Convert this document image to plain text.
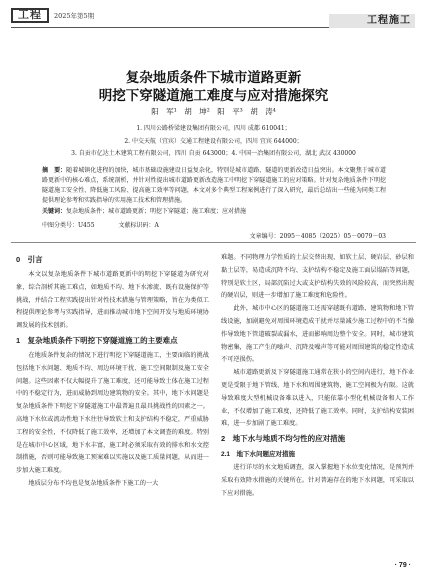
工程	2025年第5期	工程施工
复杂地质条件下城市道路更新
明挖下穿隧道施工难度与应对措施探究
阳　军¹　胡　坤²　阳　平³　胡　涛⁴
1. 四川公路桥梁建设集团有限公司，四川 成都 610041；
2. 中交天航（宜宾）交通工程建设有限公司，四川 宜宾 644000；
3. 自贡市亿达土木建筑工程有限公司，四川 自贡 643000；4. 中国一冶集团有限公司，湖北 武汉 430000
摘　要：随着城镇化进程的加快，城市基础设施建设日益复杂化，特别是城市道路、隧道的更新改造日益突出。本文聚焦于城市道路更新中的核心难点，系统剖析，并针对性提出城市道路更新改造施工中明挖下穿隧道施工的应对策略。针对复杂地质条件下明挖隧道施工安全性、降低施工风险、提高施工效率等问题，本文对多个典型工程案例进行了深入研究，最后总结出一些能为同类工程提供理论参考和实践指导的实用施工技术和管理措施。
关键词：复杂地质条件；城市道路更新；明挖下穿隧道；施工难度；应对措施
中图分类号：U455　　　　文献标识码：A
文章编号：2095－4085（2025）05－0079－03
0　引言
本文以复杂地质条件下城市道路更新中的明挖下穿隧道为研究对象，综合剖析其施工难点，如地质不均、地下水渗流、既有设施保护等挑战，并结合工程实践提出针对性技术措施与管理策略，旨在为类似工程提供理论参考与实践指导，进而推动城市地下空间开发与地质环境协调发展的技术创新。
1　复杂地质条件下明挖下穿隧道施工的主要难点
在地质条件复杂的情况下进行明挖下穿隧道施工，主要面临的挑战包括地下水问题、地质不均、周边环境干扰、施工空间限制及施工安全问题。这些因素不仅大幅提升了施工难度，还可能导致土体在施工过程中的不稳定行为，进而威胁到周边建筑物的安全。其中，地下水问题是复杂地质条件下明挖下穿隧道施工中最普遍且最具挑战性的因素之一。高地下水位或流动性地下水往往导致软土和支护结构不稳定，严重威胁工程的安全性，不仅降低了施工效率，还增加了本文调查的难度。特别是在城市中心区域，地下水丰富，施工时必须采取有效的排水和水文控制措施，否则可能导致施工预案难以实施以及施工质量问题，从而进一步加大施工难度。
地质层分布不均也是复杂地质条件下施工的一大
难题。不同物理力学性质的土层交替出现，如软土层、硬岩层、砂层和黏土层等，易造成沉降不均、支护结构不稳定及施工面层塌陷等问题，特别是软土区，局部沉陷过大或支护结构失效的风险较高，而突然出现的硬岩层，则进一步增加了施工难度和危险性。
此外，城市中心区的隧道施工还需穿越既有道路、建筑物和地下管线设施，加剧避免对周围环境造成干扰并尽量减少施工过程中的不当操作导致地下管道破裂或漏水，进而影响周边整个安全。同时，城市建筑物密集，施工产生的噪声、沉降及噪声等可能对周围建筑的稳定性造成不可逆损伤。
城市道路更新及下穿隧道施工通常在狭小的空间内进行，地下作业更是受限于地下管线、地下水和周围建筑物，施工空间极为有限。这就导致难度大型机械设备难以进入，只能依靠小型化机械设备和人工作业，不仅增加了施工难度，还降低了施工效率。同时，支护结构安装困难，进一步加剧了施工难度。
2　地下水与地质不均匀性的应对措施
2.1　地下水问题应对措施
进行详尽的水文地质调查，深入掌握地下水位变化情况，是预判并采取有效降水措施的关键所在。针对普遍存在的地下水问题，可采取以下应对措施。
· 79 ·
